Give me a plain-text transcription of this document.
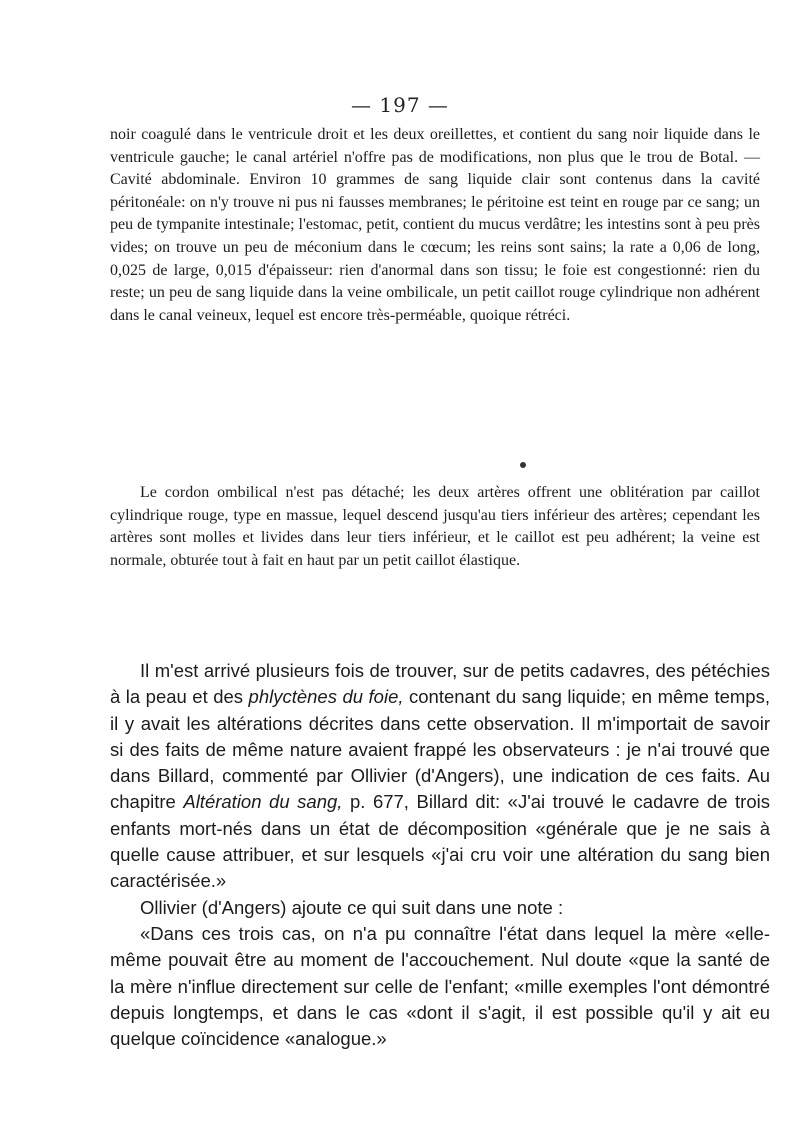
— 197 —

noir coagulé dans le ventricule droit et les deux oreillettes, et contient du sang noir liquide dans le ventricule gauche; le canal artériel n'offre pas de modifications, non plus que le trou de Botal. — Cavité abdominale. Environ 10 grammes de sang liquide clair sont contenus dans la cavité péritonéale: on n'y trouve ni pus ni fausses membranes; le péritoine est teint en rouge par ce sang; un peu de tympanite intestinale; l'estomac, petit, contient du mucus verdâtre; les intestins sont à peu près vides; on trouve un peu de méconium dans le cœcum; les reins sont sains; la rate a 0,06 de long, 0,025 de large, 0,015 d'épaisseur: rien d'anormal dans son tissu; le foie est congestionné: rien du reste; un peu de sang liquide dans la veine ombilicale, un petit caillot rouge cylindrique non adhérent dans le canal veineux, lequel est encore très-perméable, quoique rétréci.

Le cordon ombilical n'est pas détaché; les deux artères offrent une oblitération par caillot cylindrique rouge, type en massue, lequel descend jusqu'au tiers inférieur des artères; cependant les artères sont molles et livides dans leur tiers inférieur, et le caillot est peu adhérent; la veine est normale, obturée tout à fait en haut par un petit caillot élastique.

Il m'est arrivé plusieurs fois de trouver, sur de petits cadavres, des pétéchies à la peau et des phlyctènes du foie, contenant du sang liquide; en même temps, il y avait les altérations décrites dans cette observation. Il m'importait de savoir si des faits de même nature avaient frappé les observateurs : je n'ai trouvé que dans Billard, commenté par Ollivier (d'Angers), une indication de ces faits. Au chapitre Altération du sang, p. 677, Billard dit: «J'ai trouvé le cadavre de trois enfants mort-nés dans un état de décomposition «générale que je ne sais à quelle cause attribuer, et sur lesquels «j'ai cru voir une altération du sang bien caractérisée.»

Ollivier (d'Angers) ajoute ce qui suit dans une note :

«Dans ces trois cas, on n'a pu connaître l'état dans lequel la mère «elle-même pouvait être au moment de l'accouchement. Nul doute «que la santé de la mère n'influe directement sur celle de l'enfant; «mille exemples l'ont démontré depuis longtemps, et dans le cas «dont il s'agit, il est possible qu'il y ait eu quelque coïncidence «analogue.»
